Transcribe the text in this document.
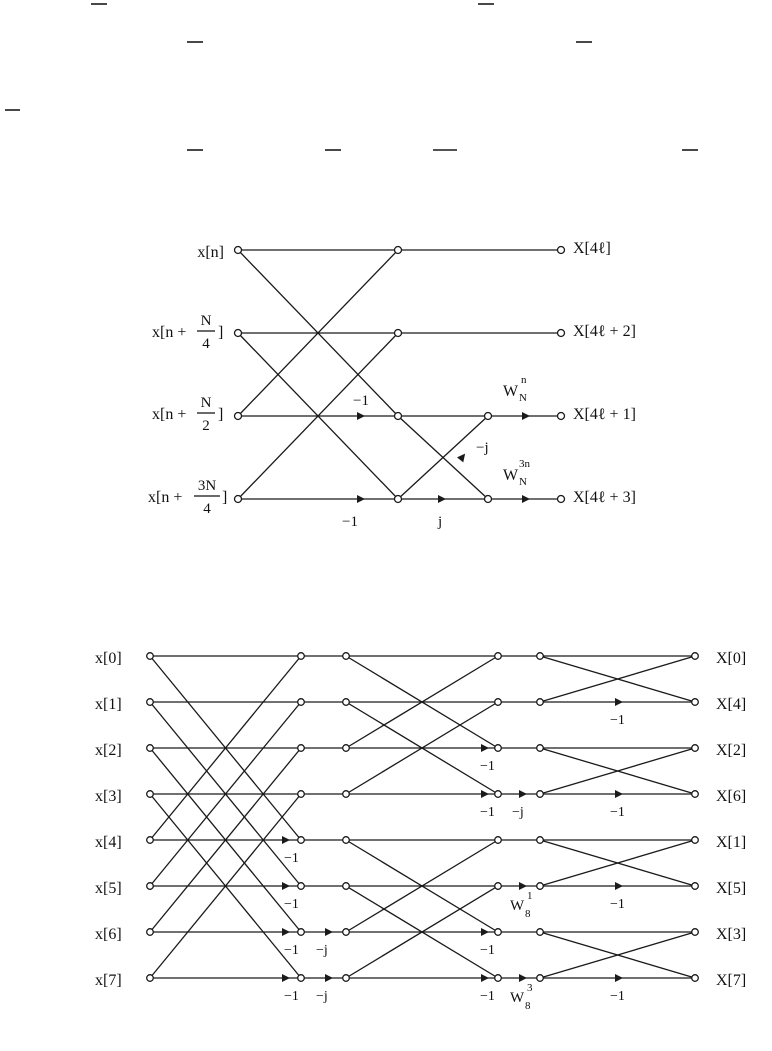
x[n]
x[n +
N
4
]
x[n +
N
2
]
x[n +
3N
4
]
X[4ℓ]
X[4ℓ + 2]
X[4ℓ + 1]
X[4ℓ + 3]
−1
−1	j
−j
W N
n
W N
3n
x[0]
x[1]
x[2]
x[3]
x[4]
x[5]
x[6]
x[7]
X[0]
X[4]
X[2]
X[6]
X[1]
X[5]
X[3]
X[7]
−1
−1
−1
−1
−j
−j
−1
−1
−1
−1
−j
W 8
1
W 8
3
−1
−1
−1
−1
